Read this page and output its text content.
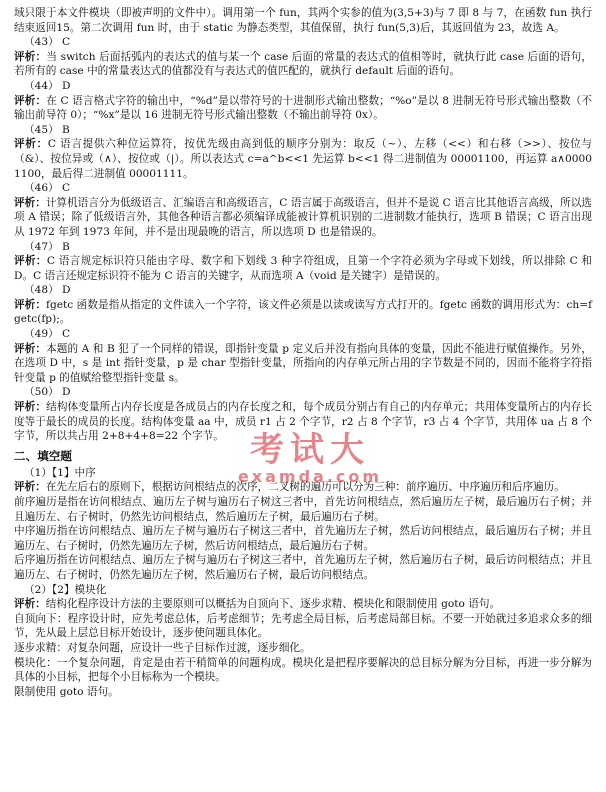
域只限于本文件模块（即被声明的文件中）。调用第一个 fun，其两个实参的值为(3,5+3)与 7 即 8 与 7，在函数 fun 执行结束返回15。第二次调用 fun 时，由于 static 为静态类型，其值保留，执行 fun(5,3)后，其返回值为 23，故选 A。
（43） C
评析：当 switch 后面括弧内的表达式的值与某一个 case 后面的常量的表达式的值相等时，就执行此 case 后面的语句，若所有的 case 中的常量表达式的值都没有与表达式的值匹配的，就执行 default 后面的语句。
（44） D
评析：在 C 语言格式字符的输出中，“%d”是以带符号的十进制形式输出整数；“%o”是以 8 进制无符号形式输出整数（不输出前导符 0）；“%x”是以 16 进制无符号形式输出整数（不输出前导符 0x）。
（45） B
评析：C 语言提供六种位运算符，按优先级由高到低的顺序分别为：取反（~）、左移（<<）和右移（>>）、按位与（&）、按位异或（∧）、按位或（|）。所以表达式 c=a^b<<1 先运算 b<<1 得二进制值为 00001100，再运算 a∧00001100，最后得二进制值 00001111。
（46） C
评析：计算机语言分为低级语言、汇编语言和高级语言，C 语言属于高级语言，但并不是说 C 语言比其他语言高级，所以选项 A 错误；除了低级语言外，其他各种语言都必须编译成能被计算机识别的二进制数才能执行，选项 B 错误；C 语言出现从 1972 年到 1973 年间，并不是出现最晚的语言，所以选项 D 也是错误的。
（47） B
评析：C 语言规定标识符只能由字母、数字和下划线 3 种字符组成，且第一个字符必须为字母或下划线，所以排除 C 和 D。C 语言还规定标识符不能为 C 语言的关键字，从而选项 A（void 是关键字）是错误的。
（48） D
评析：fgetc 函数是指从指定的文件读入一个字符，该文件必须是以读或读写方式打开的。fgetc 函数的调用形式为：ch=fgetc(fp);。
（49） C
评析：本题的 A 和 B 犯了一个同样的错误，即指针变量 p 定义后并没有指向具体的变量，因此不能进行赋值操作。另外，在选项 D 中，s 是 int 指针变量，p 是 char 型指针变量，所指向的内存单元所占用的字节数是不同的，因而不能将字符指针变量 p 的值赋给整型指针变量 s。
（50） D
评析：结构体变量所占内存长度是各成员占的内存长度之和，每个成员分别占有自己的内存单元；共用体变量所占的内存长度等于最长的成员的长度。结构体变量 aa 中，成员 r1 占 2 个字节，r2 占 8 个字节，r3 占 4 个字节，共用体 ua 占 8 个字节，所以共占用 2+8+4+8=22 个字节。
二、填空题
（1）【1】中序
评析：在先左后右的原则下，根据访问根结点的次序，二叉树的遍历可以分为三种：前序遍历、中序遍历和后序遍历。
前序遍历是指在访问根结点、遍历左子树与遍历右子树这三者中，首先访问根结点，然后遍历左子树，最后遍历右子树；并且遍历左、右子树时，仍然先访问根结点，然后遍历左子树，最后遍历右子树。
中序遍历指在访问根结点、遍历左子树与遍历右子树这三者中，首先遍历左子树，然后访问根结点，最后遍历右子树；并且遍历左、右子树时，仍然先遍历左子树，然后访问根结点，最后遍历右子树。
后序遍历指在访问根结点、遍历左子树与遍历右子树这三者中，首先遍历左子树，然后遍历右子树，最后访问根结点；并且遍历左、右子树时，仍然先遍历左子树，然后遍历右子树，最后访问根结点。
（2）【2】模块化
评析：结构化程序设计方法的主要原则可以概括为自顶向下、逐步求精、模块化和限制使用 goto 语句。
自顶向下：程序设计时，应先考虑总体，后考虑细节；先考虑全局目标，后考虑局部目标。不要一开始就过多追求众多的细节，先从最上层总目标开始设计，逐步使问题具体化。
逐步求精：对复杂问题，应设计一些子目标作过渡，逐步细化。
模块化：一个复杂问题，肯定是由若干稍简单的问题构成。模块化是把程序要解决的总目标分解为分目标，再进一步分解为具体的小目标，把每个小目标称为一个模块。
限制使用 goto 语句。
考试大
examda.com
